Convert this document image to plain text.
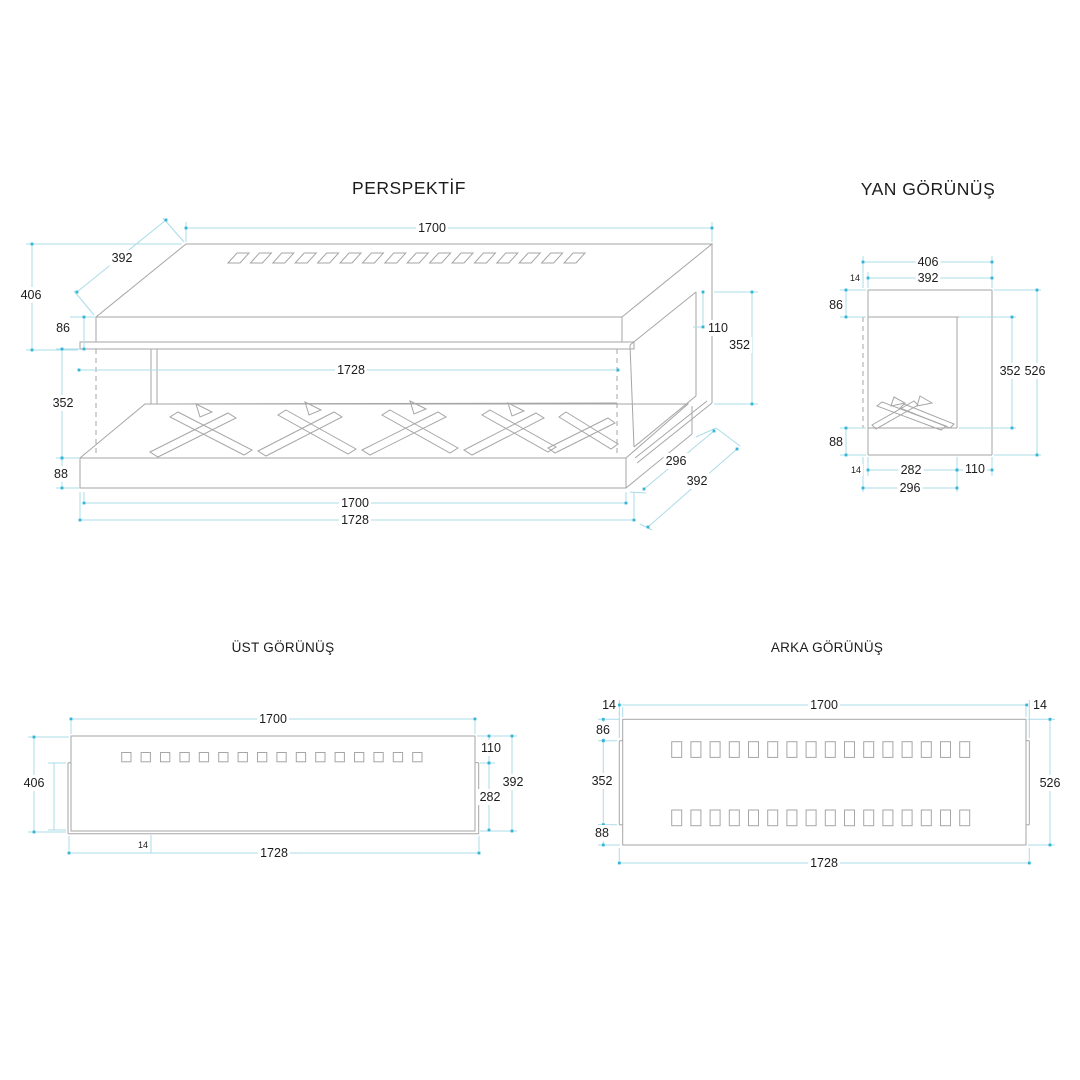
PERSPEKTİF
1700
392
406
86
352
88
1728
1700
1728
110
352
296
392
YAN GÖRÜNÜŞ
406
392
14
86
88
352 526
14	282	110
296
ÜST GÖRÜNÜŞ
1700
406
14
1728
110
282
392
ARKA GÖRÜNÜŞ
14	1700	14
86
352
88
526
1728
